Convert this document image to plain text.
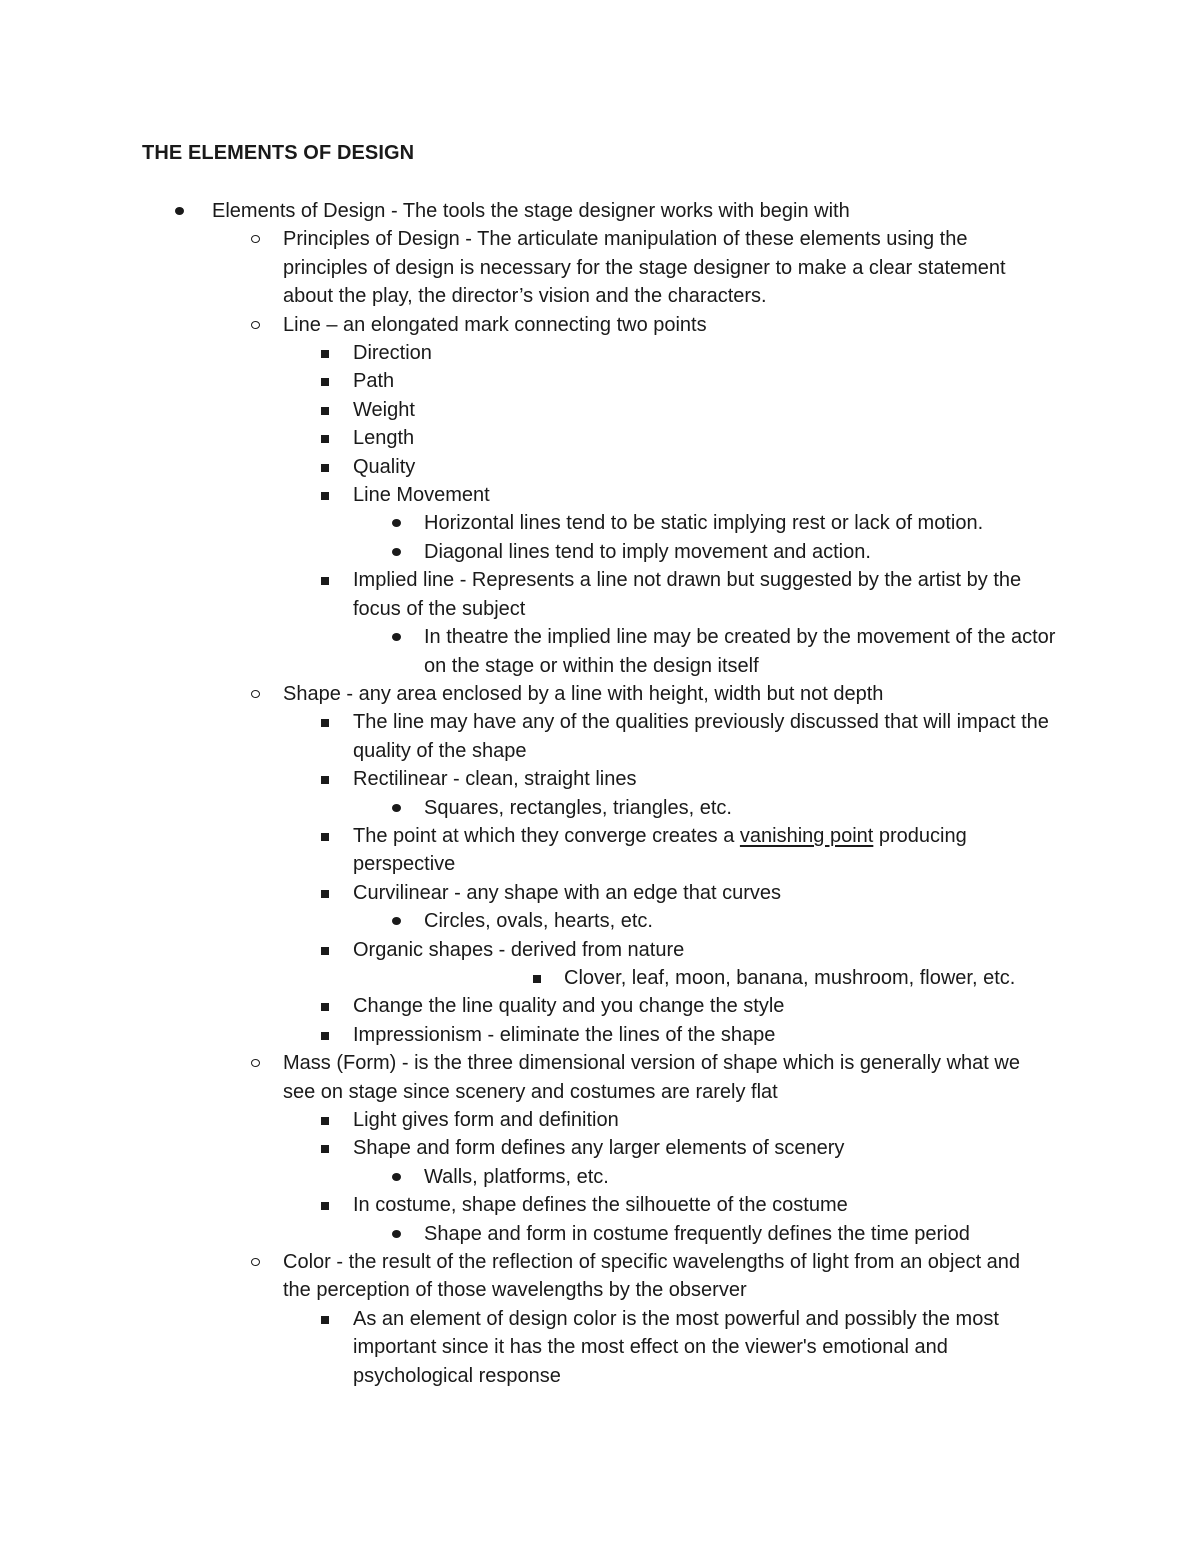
THE ELEMENTS OF DESIGN
Elements of Design - The tools the stage designer works with begin with
Principles of Design - The articulate manipulation of these elements using the principles of design is necessary for the stage designer to make a clear statement about the play, the director’s vision and the characters.
Line – an elongated mark connecting two points
Direction
Path
Weight
Length
Quality
Line Movement
Horizontal lines tend to be static implying rest or lack of motion.
Diagonal lines tend to imply movement and action.
Implied line - Represents a line not drawn but suggested by the artist by the focus of the subject
In theatre the implied line may be created by the movement of the actor on the stage or within the design itself
Shape - any area enclosed by a line with height, width but not depth
The line may have any of the qualities previously discussed that will impact the quality of the shape
Rectilinear - clean, straight lines
Squares, rectangles, triangles, etc.
The point at which they converge creates a vanishing point producing perspective
Curvilinear - any shape with an edge that curves
Circles, ovals, hearts, etc.
Organic shapes - derived from nature
Clover, leaf, moon, banana, mushroom, flower, etc.
Change the line quality and you change the style
Impressionism - eliminate the lines of the shape
Mass (Form) - is the three dimensional version of shape which is generally what we see on stage since scenery and costumes are rarely flat
Light gives form and definition
Shape and form defines any larger elements of scenery
Walls, platforms, etc.
In costume, shape defines the silhouette of the costume
Shape and form in costume frequently defines the time period
Color - the result of the reflection of specific wavelengths of light from an object and the perception of those wavelengths by the observer
As an element of design color is the most powerful and possibly the most important since it has the most effect on the viewer's emotional and psychological response
